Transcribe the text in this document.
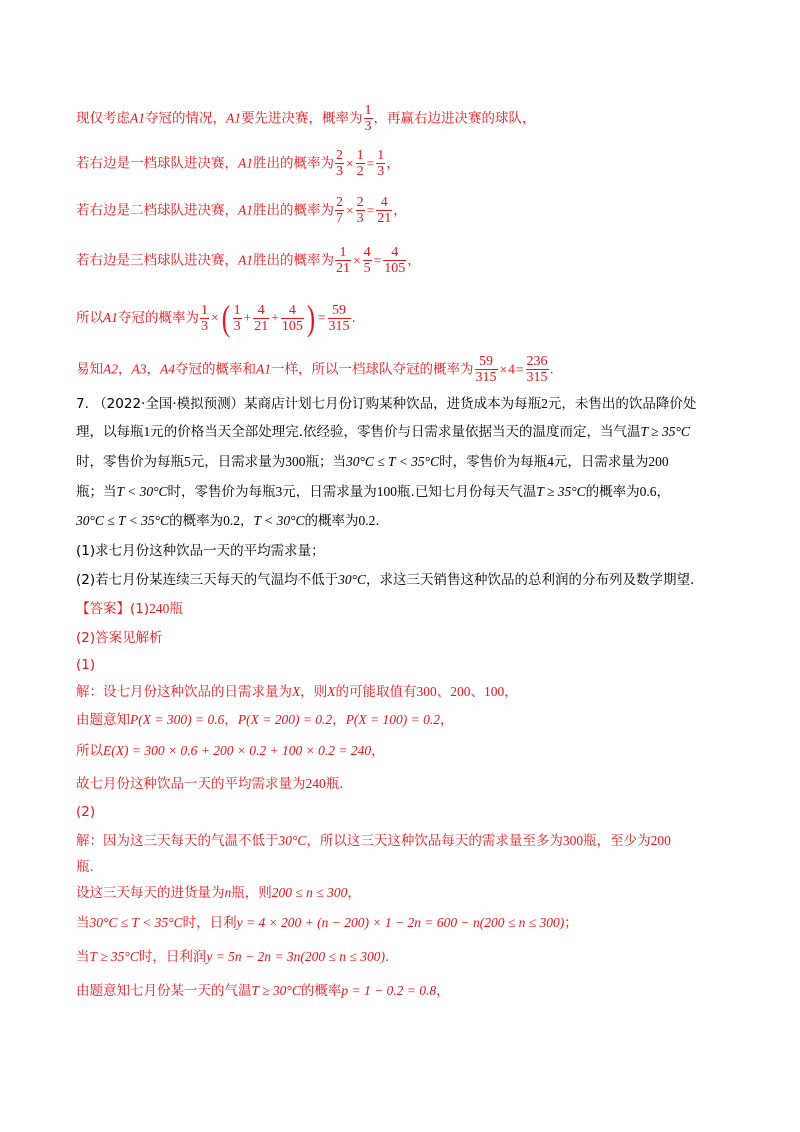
现仅考虑A1夺冠的情况，A1要先进决赛，概率为 $\frac{1}{3}$ ，再赢右边进决赛的球队，
若右边是一档球队进决赛，A1胜出的概率为 $\frac{2}{3} \times \frac{1}{2} = \frac{1}{3}$ ，
若右边是二档球队进决赛，A1胜出的概率为 $\frac{2}{7} \times \frac{2}{3} = \frac{4}{21}$ ，
若右边是三档球队进决赛，A1胜出的概率为 $\frac{1}{21} \times \frac{4}{5} = \frac{4}{105}$ ，
所以A1夺冠的概率为 $\frac{1}{3}$ ×( $\frac{1}{3} + \frac{4}{21} + \frac{4}{105}$ ) = $\frac{59}{315}$ .
易知A2，A3，A4夺冠的概率和A1一样，所以一档球队夺冠的概率为 $\frac{59}{315} \times 4= \frac{236}{315}$ .
7. （2022·全国·模拟预测）某商店计划七月份订购某种饮品，进货成本为每瓶2元，未售出的饮品降价处
理，以每瓶1元的价格当天全部处理完.依经验，零售价与日需求量依据当天的温度而定，当气温T ≥ 35°C
时，零售价为每瓶5元，日需求量为300瓶；当30°C ≤ T < 35°C时，零售价为每瓶4元，日需求量为200
瓶；当T < 30°C时，零售价为每瓶3元，日需求量为100瓶.已知七月份每天气温T ≥ 35°C的概率为0.6，
30°C ≤ T < 35°C的概率为0.2，T < 30°C的概率为0.2.
(1)求七月份这种饮品一天的平均需求量；
(2)若七月份某连续三天每天的气温均不低于30°C，求这三天销售这种饮品的总利润的分布列及数学期望.
【答案】(1)240瓶
(2)答案见解析
(1)
解：设七月份这种饮品的日需求量为X，则X的可能取值有300、200、100，
由题意知P(X = 300) = 0.6，P(X = 200) = 0.2，P(X = 100) = 0.2，
所以E(X) = 300 × 0.6 + 200 × 0.2 + 100 × 0.2 = 240，
故七月份这种饮品一天的平均需求量为240瓶.
(2)
解：因为这三天每天的气温不低于30°C，所以这三天这种饮品每天的需求量至多为300瓶，至少为200
瓶.
设这三天每天的进货量为n瓶，则200 ≤ n ≤ 300，
当30°C ≤ T < 35°C时，日利y = 4 × 200 + (n − 200) × 1 − 2n = 600 − n(200 ≤ n ≤ 300)；
当T ≥ 35°C时，日利润y = 5n − 2n = 3n(200 ≤ n ≤ 300).
由题意知七月份某一天的气温T ≥ 30°C的概率p = 1 − 0.2 = 0.8，
